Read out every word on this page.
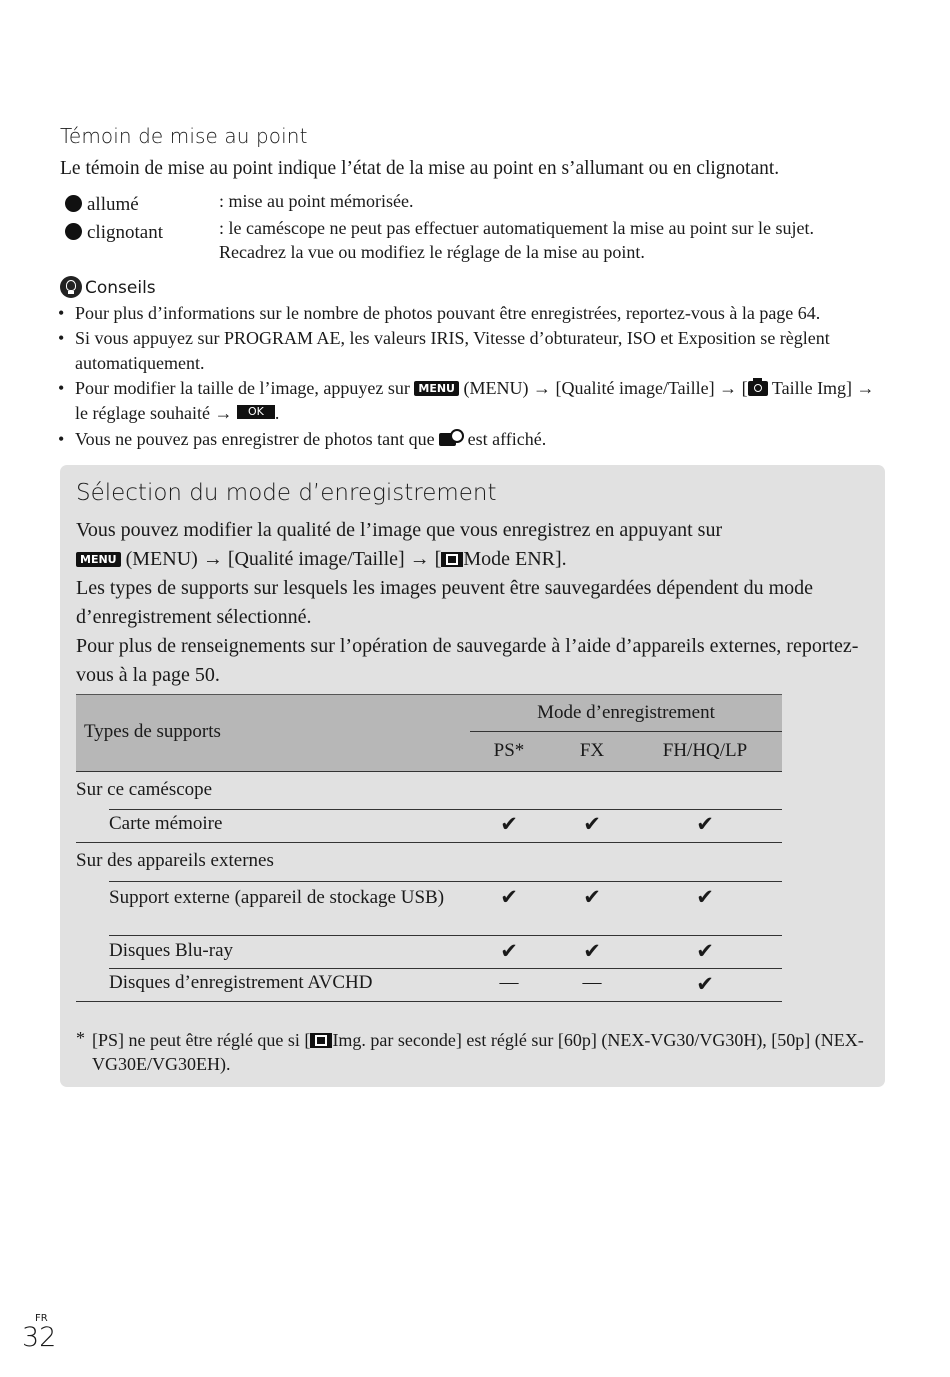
Témoin de mise au point
Le témoin de mise au point indique l’état de la mise au point en s’allumant ou en clignotant.
allumé	: mise au point mémorisée.
clignotant	: le caméscope ne peut pas effectuer automatiquement la mise au point sur le sujet. Recadrez la vue ou modifiez le réglage de la mise au point.
Conseils
• Pour plus d’informations sur le nombre de photos pouvant être enregistrées, reportez-vous à la page 64.
• Si vous appuyez sur PROGRAM AE, les valeurs IRIS, Vitesse d’obturateur, ISO et Exposition se règlent automatiquement.
• Pour modifier la taille de l’image, appuyez sur MENU (MENU) → [Qualité image/Taille] → [ Taille Img] → le réglage souhaité → OK .
• Vous ne pouvez pas enregistrer de photos tant que est affiché.
Sélection du mode d’enregistrement
Vous pouvez modifier la qualité de l’image que vous enregistrez en appuyant sur
MENU (MENU) → [Qualité image/Taille] → [ Mode ENR].
Les types de supports sur lesquels les images peuvent être sauvegardées dépendent du mode d’enregistrement sélectionné.
Pour plus de renseignements sur l’opération de sauvegarde à l’aide d’appareils externes, reportez-vous à la page 50.
Types de supports
Mode d’enregistrement
PS*	FX	FH/HQ/LP
Sur ce caméscope
Carte mémoire	✔	✔	✔
Sur des appareils externes
Support externe (appareil de stockage USB)	✔	✔	✔
Disques Blu-ray	✔	✔	✔
Disques d’enregistrement AVCHD	—	—	✔
* [PS] ne peut être réglé que si [ Img. par seconde] est réglé sur [60p] (NEX-VG30/VG30H), [50p] (NEX-VG30E/VG30EH).
FR
32
